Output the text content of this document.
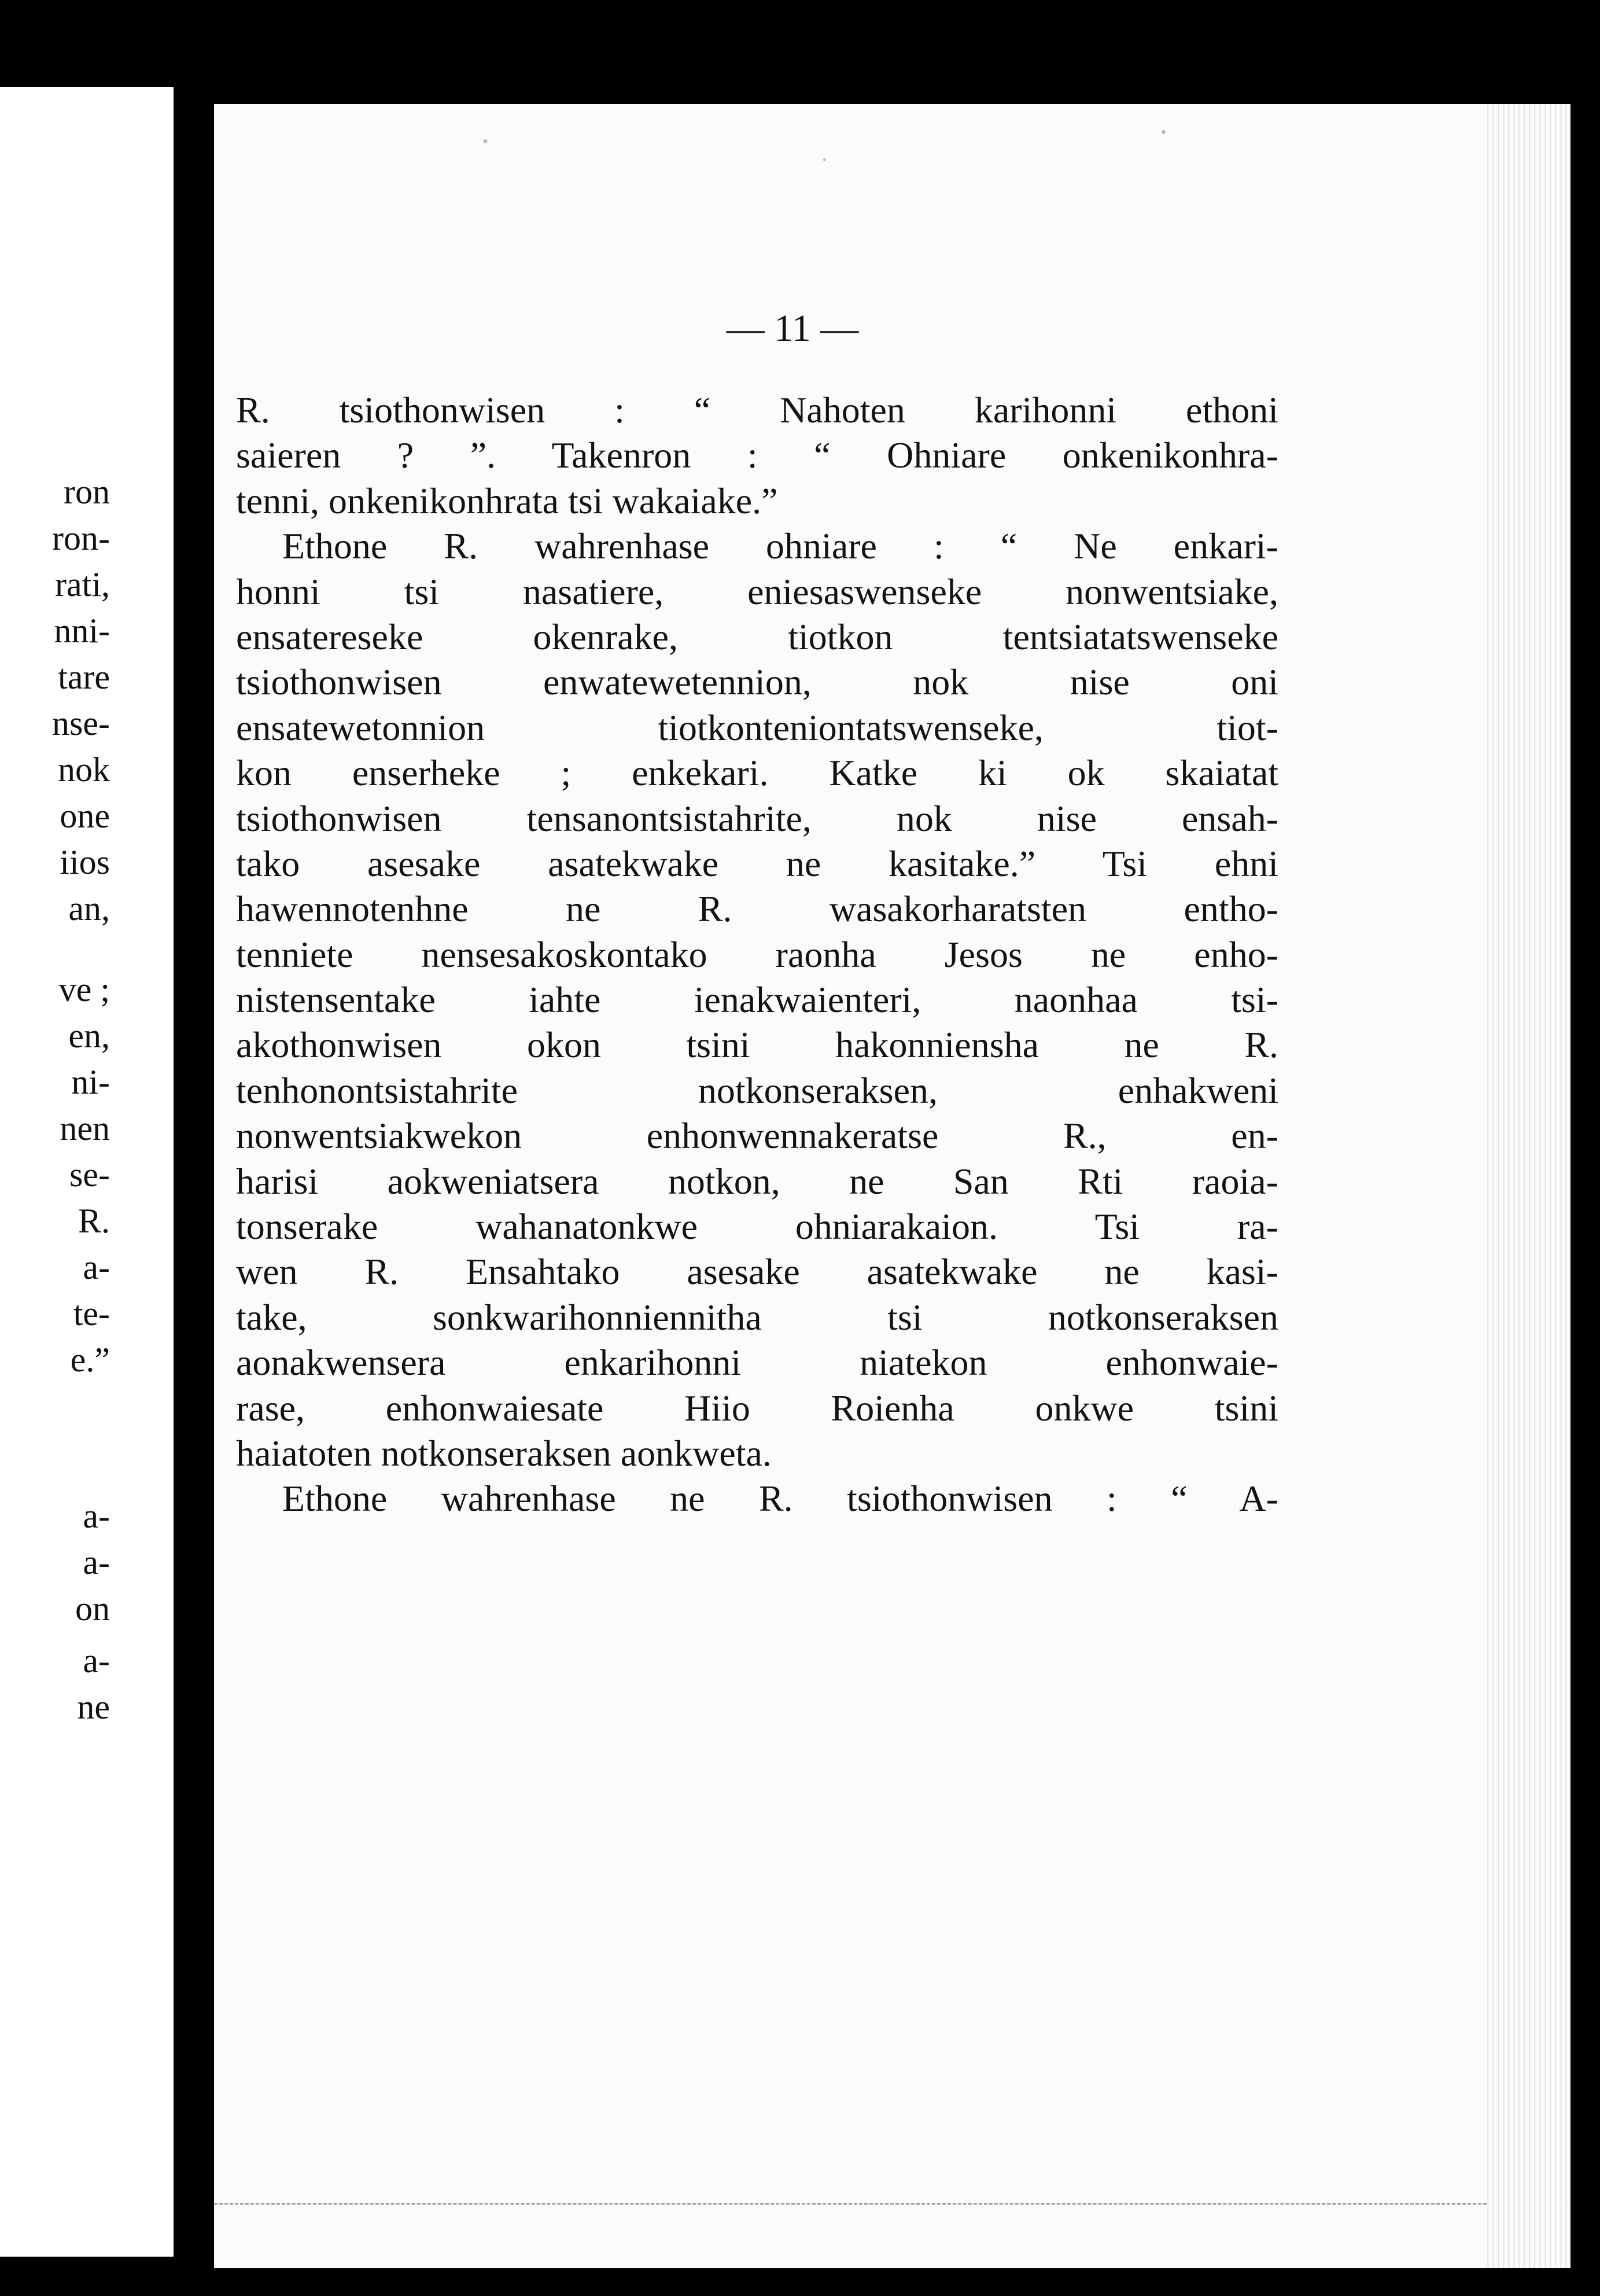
ron
ron-
rati,
nni-
tare
nse-
nok
one
iios
an,
ve ;
en,
ni-
nen
se-
R.
a-
te-
e.”
a-
a-
on
a-
ne
— 11 —
R. tsiothonwisen : “ Nahoten karihonni ethoni
saieren ? ”. Takenron : “ Ohniare onkenikonhra-
tenni, onkenikonhrata tsi wakaiake.”
Ethone R. wahrenhase ohniare : “ Ne enkari-
honni tsi nasatiere, eniesaswenseke nonwentsiake,
ensatereseke okenrake, tiotkon tentsiatatswenseke
tsiothonwisen enwatewetennion, nok nise oni
ensatewetonnion tiotkonteniontatswenseke, tiot-
kon enserheke ; enkekari. Katke ki ok skaiatat
tsiothonwisen tensanontsistahrite, nok nise ensah-
tako asesake asatekwake ne kasitake.” Tsi ehni
hawennotenhne ne R. wasakorharatsten entho-
tenniete nensesakoskontako raonha Jesos ne enho-
nistensentake iahte ienakwaienteri, naonhaa tsi-
akothonwisen okon tsini hakonniensha ne R.
tenhonontsistahrite notkonseraksen, enhakweni
nonwentsiakwekon enhonwennakeratse R., en-
harisi aokweniatsera notkon, ne San Rti raoia-
tonserake wahanatonkwe ohniarakaion. Tsi ra-
wen R. Ensahtako asesake asatekwake ne kasi-
take, sonkwarihonniennitha tsi notkonseraksen
aonakwensera enkarihonni niatekon enhonwaie-
rase, enhonwaiesate Hiio Roienha onkwe tsini
haiatoten notkonseraksen aonkweta.
Ethone wahrenhase ne R. tsiothonwisen : “ A-
